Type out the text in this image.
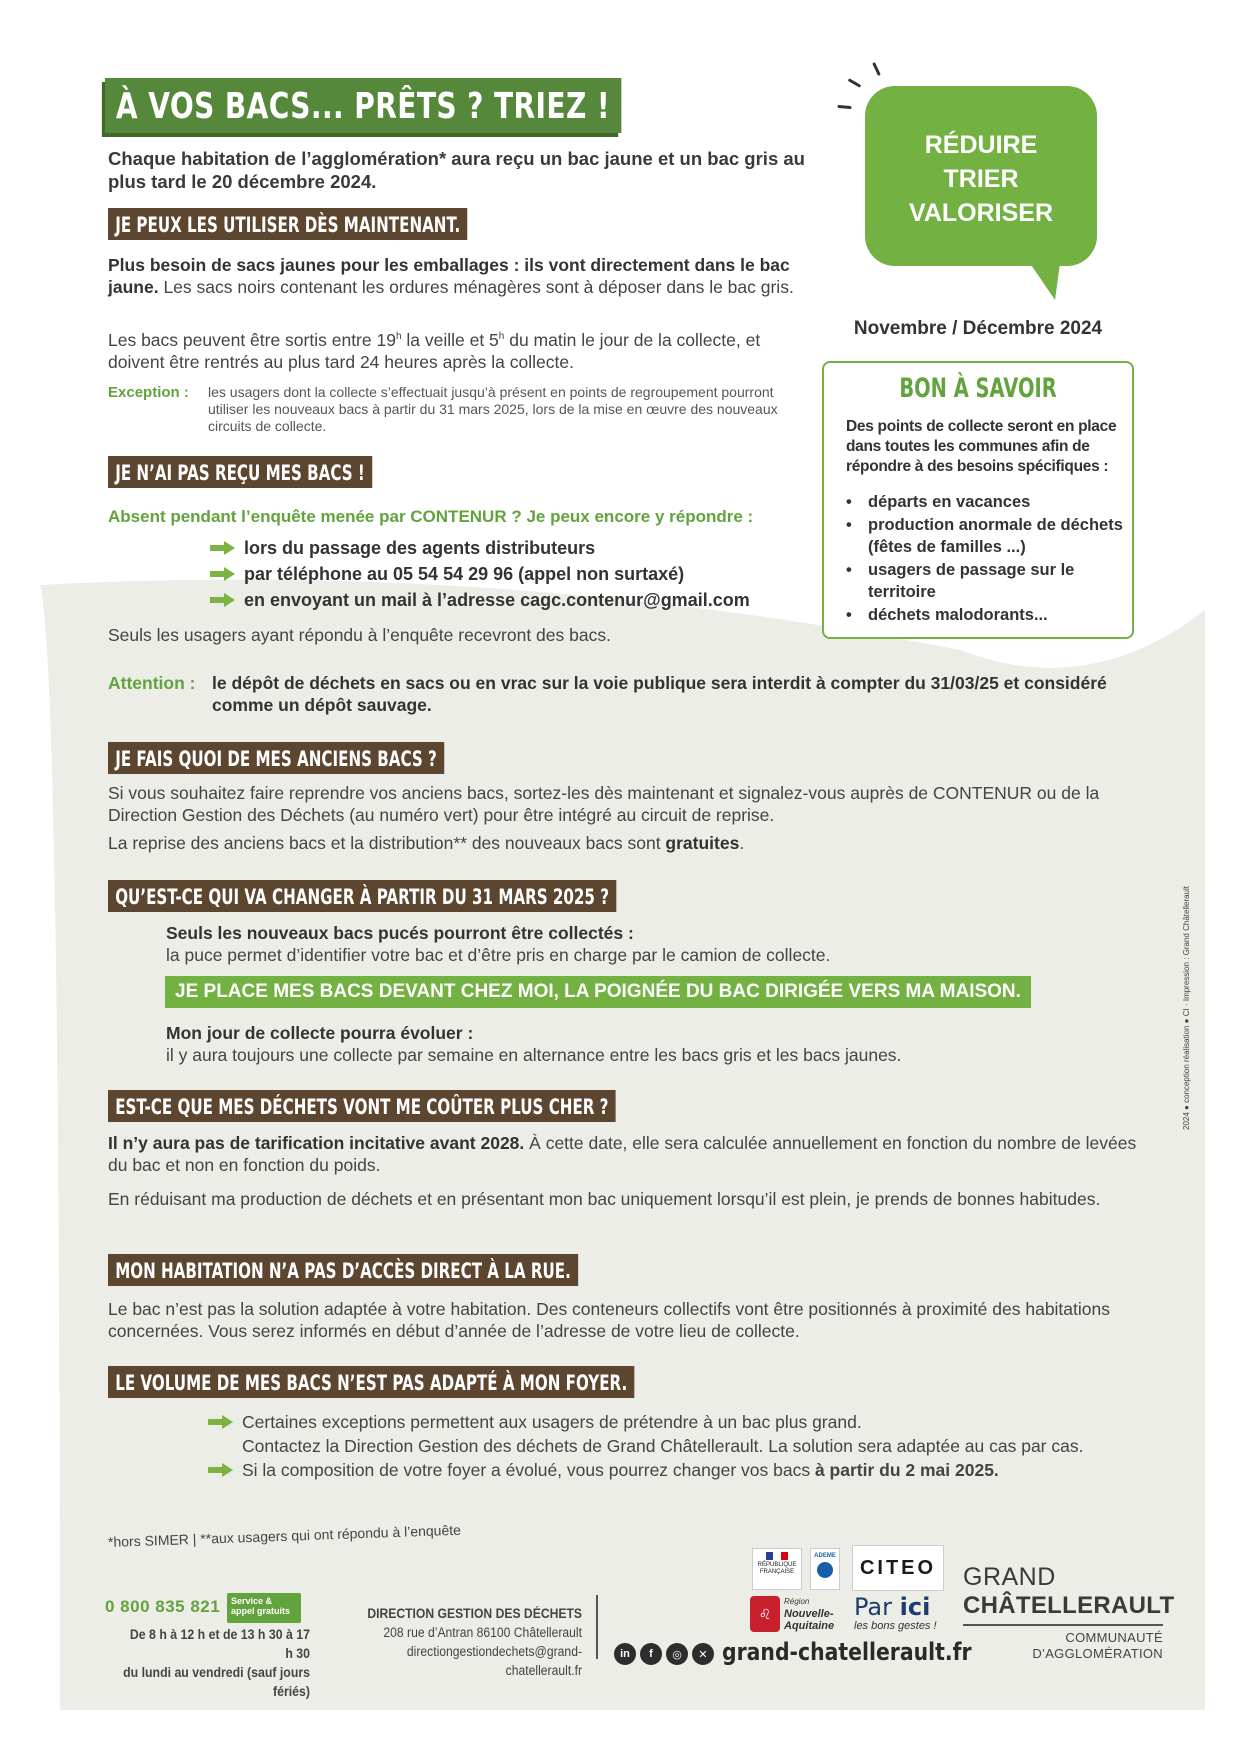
À VOS BACS... PRÊTS ? TRIEZ !
Chaque habitation de l’agglomération* aura reçu un bac jaune et un bac gris au plus tard le 20 décembre 2024.
RÉDUIRE
TRIER
VALORISER
Novembre / Décembre 2024
BON À SAVOIR
Des points de collecte seront en place dans toutes les communes afin de répondre à des besoins spécifiques :
• départs en vacances
• production anormale de déchets (fêtes de familles ...)
• usagers de passage sur le territoire
• déchets malodorants...
JE PEUX LES UTILISER DÈS MAINTENANT.
Plus besoin de sacs jaunes pour les emballages : ils vont directement dans le bac jaune. Les sacs noirs contenant les ordures ménagères sont à déposer dans le bac gris.
Les bacs peuvent être sortis entre 19$^h$ la veille et 5$^h$ du matin le jour de la collecte, et doivent être rentrés au plus tard 24 heures après la collecte.
Exception :	les usagers dont la collecte s’effectuait jusqu’à présent en points de regroupement pourront utiliser les nouveaux bacs à partir du 31 mars 2025, lors de la mise en œuvre des nouveaux circuits de collecte.
JE N’AI PAS REÇU MES BACS !
Absent pendant l’enquête menée par CONTENUR ? Je peux encore y répondre :
lors du passage des agents distributeurs
par téléphone au 05 54 54 29 96 (appel non surtaxé)
en envoyant un mail à l’adresse cagc.contenur@gmail.com
Seuls les usagers ayant répondu à l’enquête recevront des bacs.
Attention : le dépôt de déchets en sacs ou en vrac sur la voie publique sera interdit à compter du 31/03/25 et considéré comme un dépôt sauvage.
JE FAIS QUOI DE MES ANCIENS BACS ?
Si vous souhaitez faire reprendre vos anciens bacs, sortez-les dès maintenant et signalez-vous auprès de CONTENUR ou de la Direction Gestion des Déchets (au numéro vert) pour être intégré au circuit de reprise.
La reprise des anciens bacs et la distribution** des nouveaux bacs sont gratuites.
QU’EST-CE QUI VA CHANGER À PARTIR DU 31 MARS 2025 ?
Seuls les nouveaux bacs pucés pourront être collectés :
la puce permet d’identifier votre bac et d’être pris en charge par le camion de collecte.
JE PLACE MES BACS DEVANT CHEZ MOI, LA POIGNÉE DU BAC DIRIGÉE VERS MA MAISON.
Mon jour de collecte pourra évoluer :
il y aura toujours une collecte par semaine en alternance entre les bacs gris et les bacs jaunes.
EST-CE QUE MES DÉCHETS VONT ME COÛTER PLUS CHER ?
Il n’y aura pas de tarification incitative avant 2028. À cette date, elle sera calculée annuellement en fonction du nombre de levées du bac et non en fonction du poids.
En réduisant ma production de déchets et en présentant mon bac uniquement lorsqu’il est plein, je prends de bonnes habitudes.
MON HABITATION N’A PAS D’ACCÈS DIRECT À LA RUE.
Le bac n’est pas la solution adaptée à votre habitation. Des conteneurs collectifs vont être positionnés à proximité des habitations concernées. Vous serez informés en début d’année de l’adresse de votre lieu de collecte.
LE VOLUME DE MES BACS N’EST PAS ADAPTÉ À MON FOYER.
Certaines exceptions permettent aux usagers de prétendre à un bac plus grand.
Contactez la Direction Gestion des déchets de Grand Châtellerault. La solution sera adaptée au cas par cas.
Si la composition de votre foyer a évolué, vous pourrez changer vos bacs à partir du 2 mai 2025.
*hors SIMER | **aux usagers qui ont répondu à l’enquête
0 800 835 821	Service & appel gratuits
De 8 h à 12 h et de 13 h 30 à 17 h 30
du lundi au vendredi (sauf jours fériés)
DIRECTION GESTION DES DÉCHETS
208 rue d’Antran 86100 Châtellerault
directiongestiondechets@grand-chatellerault.fr
in	f	◎	✕ grand-chatellerault.fr
RÉPUBLIQUE FRANÇAISE
ADEME
CITEO
♌
Région
Nouvelle-
Aquitaine
Par ici
les bons gestes !
GRAND
CHÂTELLERAULT
COMMUNAUTÉ
D’AGGLOMÉRATION
2024 ● conception réalisation ● CI · Impression : Grand Châtellerault
